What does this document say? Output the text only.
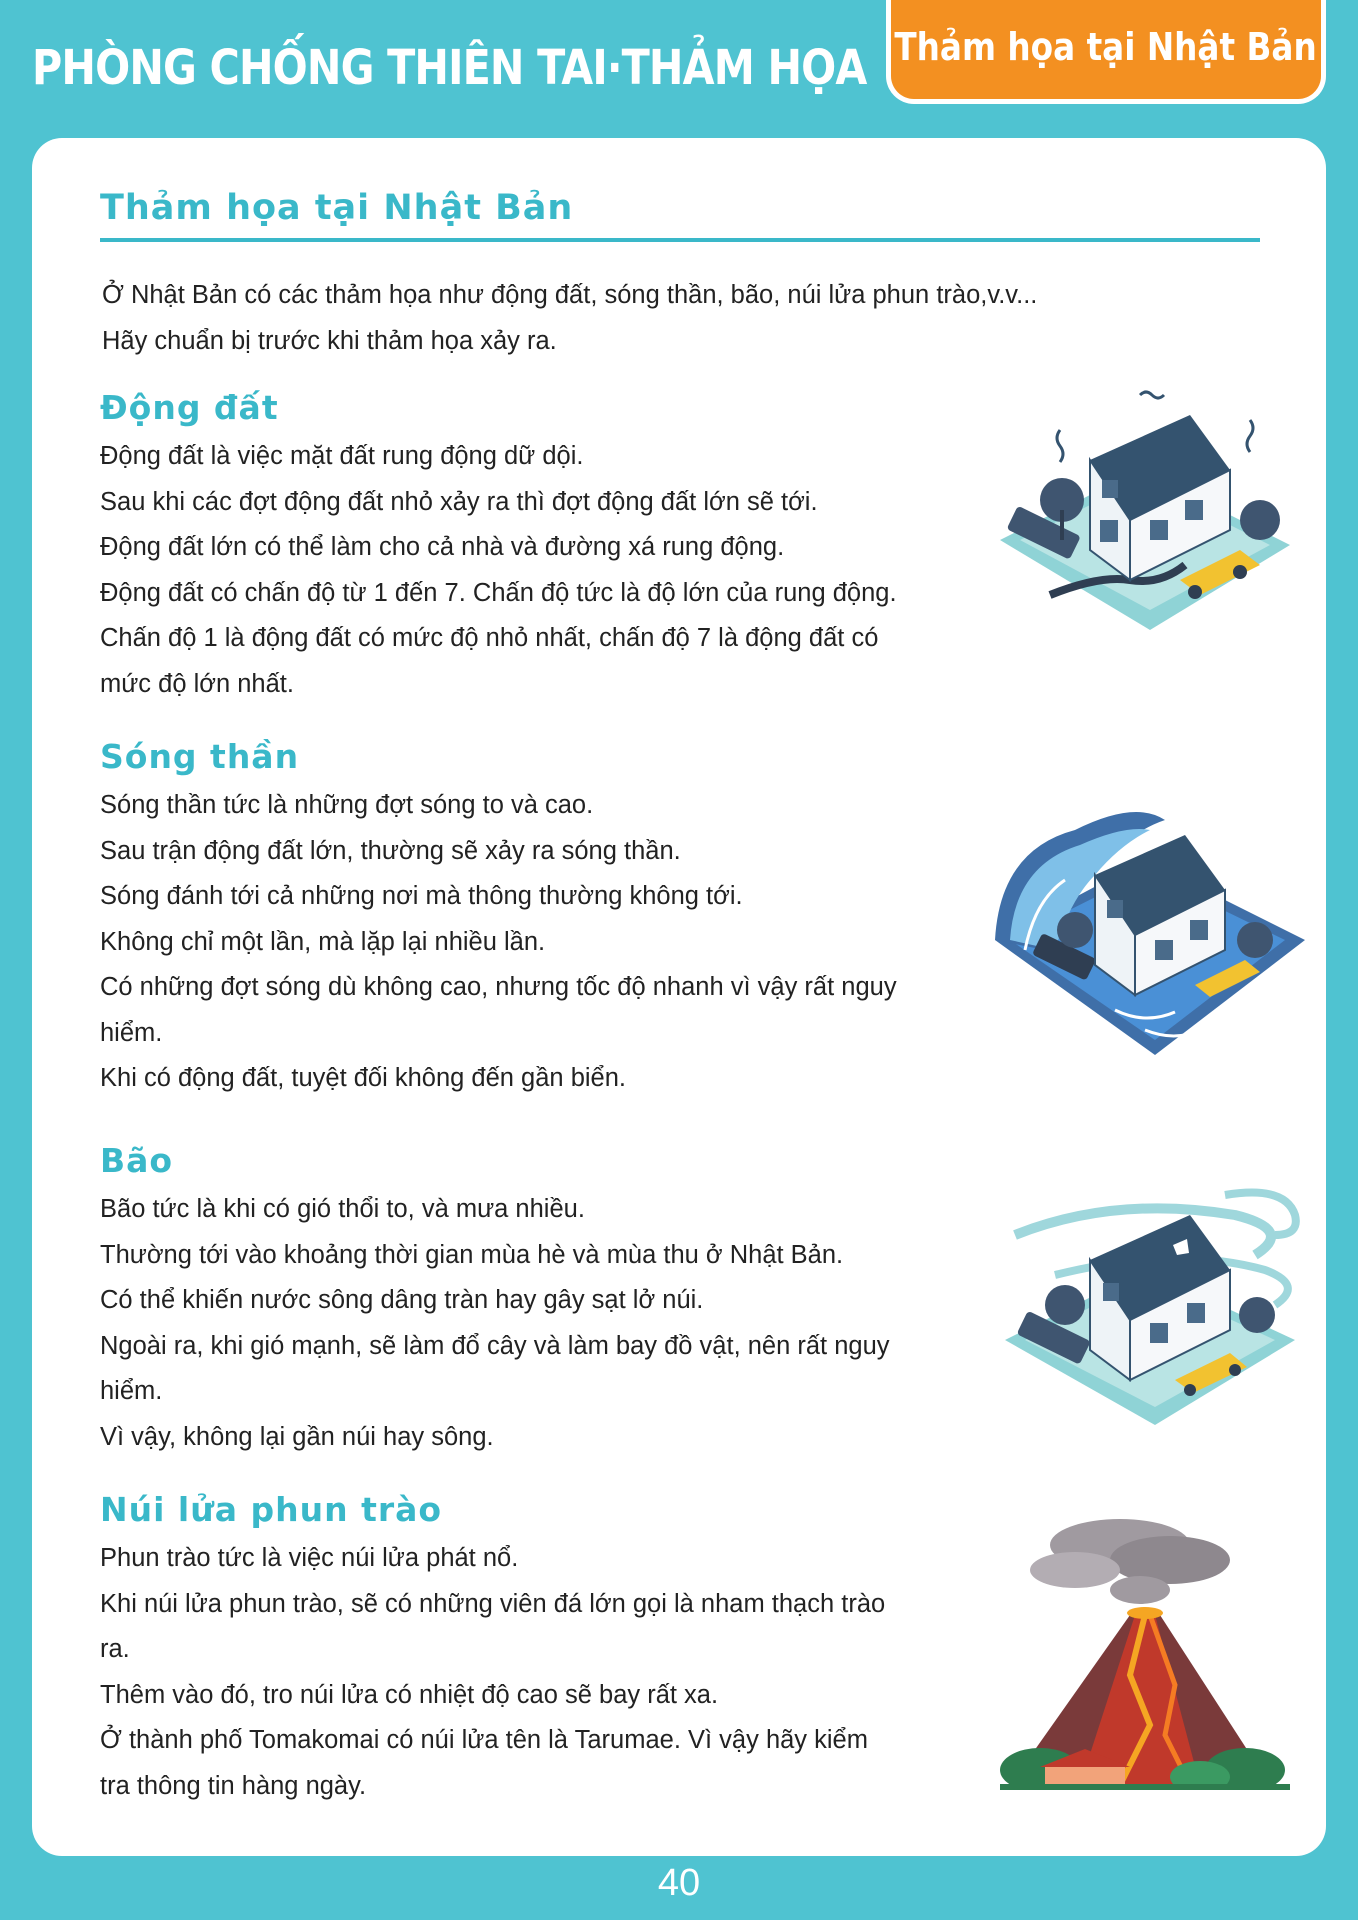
PHÒNG CHỐNG THIÊN TAI·THẢM HỌA Thảm họa tại Nhật Bản
Thảm họa tại Nhật Bản

Ở Nhật Bản có các thảm họa như động đất, sóng thần, bão, núi lửa phun trào,v.v...

Hãy chuẩn bị trước khi thảm họa xảy ra.

Động đất

Động đất là việc mặt đất rung động dữ dội.

Sau khi các đợt động đất nhỏ xảy ra thì đợt động đất lớn sẽ tới.

Động đất lớn có thể làm cho cả nhà và đường xá rung động.

Động đất có chấn độ từ 1 đến 7. Chấn độ tức là độ lớn của rung động.

Chấn độ 1 là động đất có mức độ nhỏ nhất, chấn độ 7 là động đất có

mức độ lớn nhất.

Sóng thần

Sóng thần tức là những đợt sóng to và cao.

Sau trận động đất lớn, thường sẽ xảy ra sóng thần.

Sóng đánh tới cả những nơi mà thông thường không tới.

Không chỉ một lần, mà lặp lại nhiều lần.

Có những đợt sóng dù không cao, nhưng tốc độ nhanh vì vậy rất nguy

hiểm.

Khi có động đất, tuyệt đối không đến gần biển.

Bão

Bão tức là khi có gió thổi to, và mưa nhiều.

Thường tới vào khoảng thời gian mùa hè và mùa thu ở Nhật Bản.

Có thể khiến nước sông dâng tràn hay gây sạt lở núi.

Ngoài ra, khi gió mạnh, sẽ làm đổ cây và làm bay đồ vật, nên rất nguy

hiểm.

Vì vậy, không lại gần núi hay sông.

Núi lửa phun trào

Phun trào tức là việc núi lửa phát nổ.

Khi núi lửa phun trào, sẽ có những viên đá lớn gọi là nham thạch trào

ra.

Thêm vào đó, tro núi lửa có nhiệt độ cao sẽ bay rất xa.

Ở thành phố Tomakomai có núi lửa tên là Tarumae. Vì vậy hãy kiểm

tra thông tin hàng ngày.

40
